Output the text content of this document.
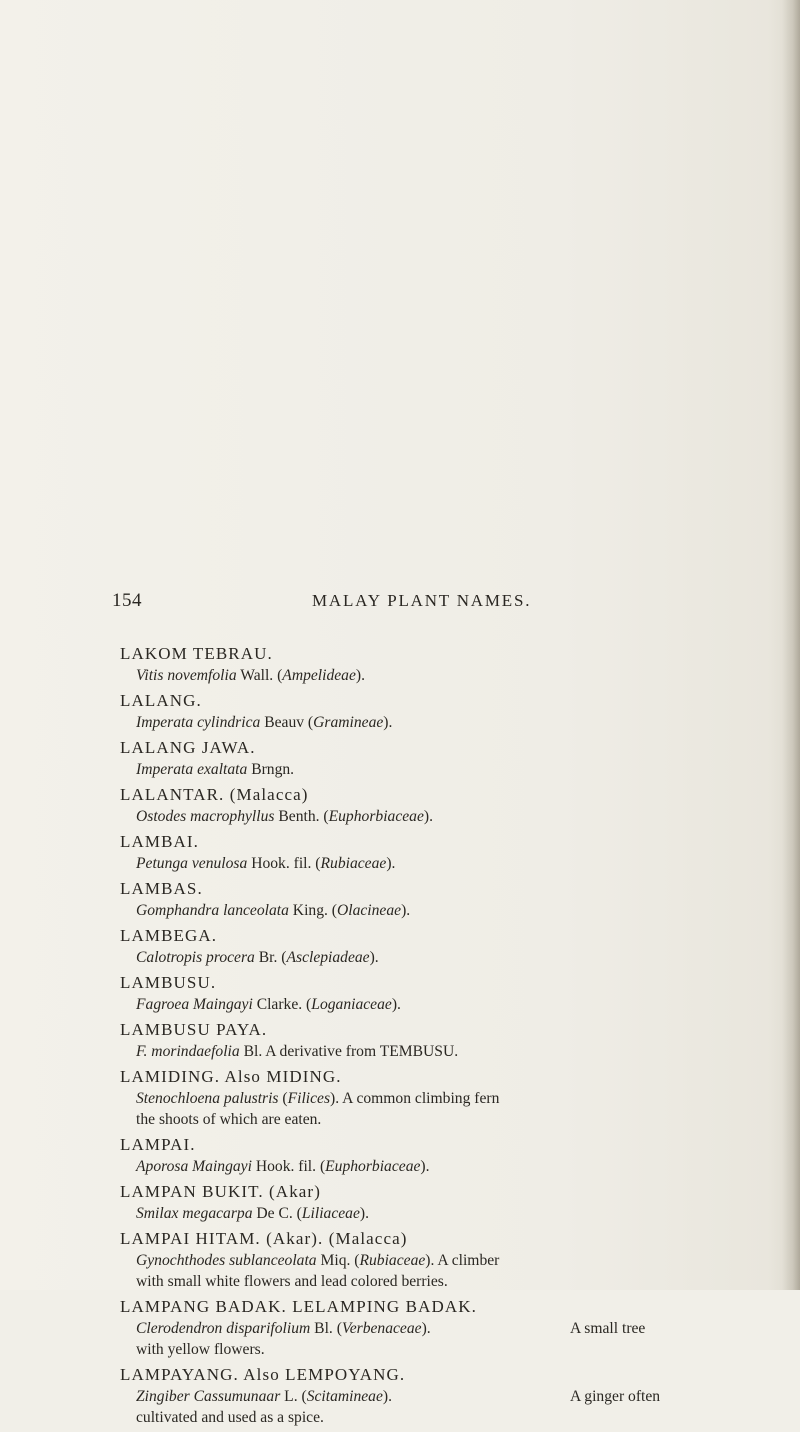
154	MALAY PLANT NAMES.
LAKOM TEBRAU.
Vitis novemfolia Wall. (Ampelideae).
LALANG.
Imperata cylindrica Beauv (Gramineae).
LALANG JAWA.
Imperata exaltata Brngn.
LALANTAR. (Malacca)
Ostodes macrophyllus Benth. (Euphorbiaceae).
LAMBAI.
Petunga venulosa Hook. fil. (Rubiaceae).
LAMBAS.
Gomphandra lanceolata King. (Olacineae).
LAMBEGA.
Calotropis procera Br. (Asclepiadeae).
LAMBUSU.
Fagroea Maingayi Clarke. (Loganiaceae).
LAMBUSU PAYA.
F. morindaefolia Bl. A derivative from TEMBUSU.
LAMIDING. Also MIDING.
Stenochloena palustris (Filices). A common climbing fern
the shoots of which are eaten.
LAMPAI.
Aporosa Maingayi Hook. fil. (Euphorbiaceae).
LAMPAN BUKIT. (Akar)
Smilax megacarpa De C. (Liliaceae).
LAMPAI HITAM. (Akar). (Malacca)
Gynochthodes sublanceolata Miq. (Rubiaceae). A climber
with small white flowers and lead colored berries.
LAMPANG BADAK. LELAMPING BADAK.
Clerodendron disparifolium Bl. (Verbenaceae).	A small tree
with yellow flowers.
LAMPAYANG. Also LEMPOYANG.
Zingiber Cassumunaar L. (Scitamineae).	A ginger often
cultivated and used as a spice.
